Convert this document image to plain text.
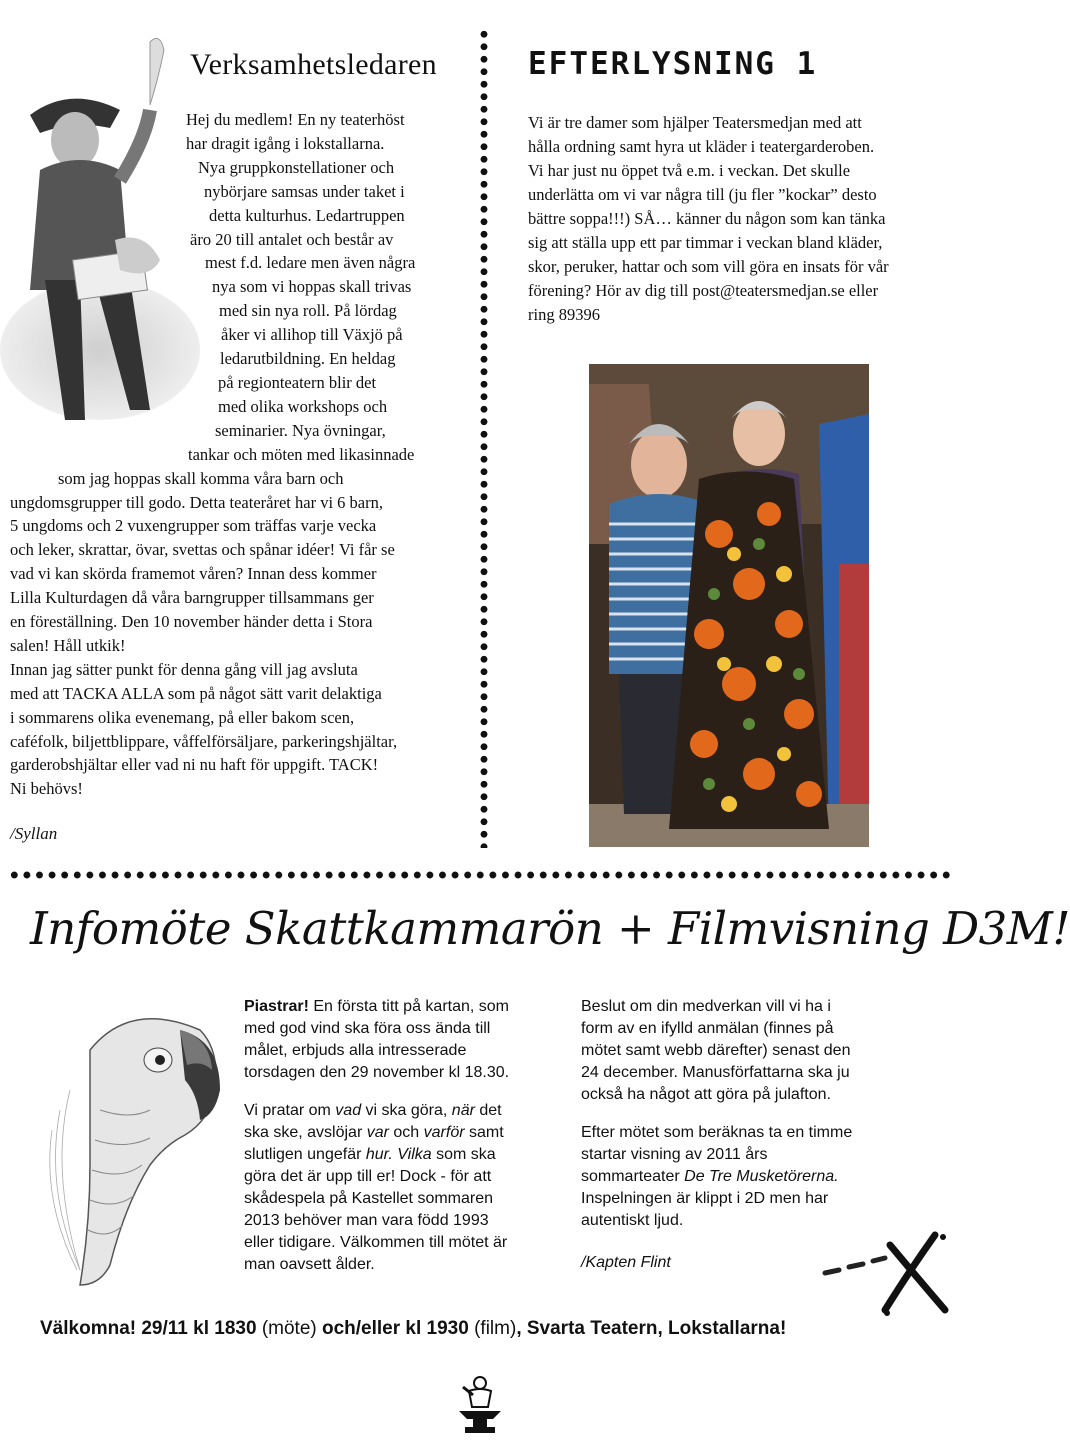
Verksamhetsledaren
Hej du medlem! En ny teaterhöst
har dragit igång i lokstallarna.
Nya gruppkonstellationer och
nybörjare samsas under taket i
detta kulturhus. Ledartruppen
äro 20 till antalet och består av
mest f.d. ledare men även några
nya som vi hoppas skall trivas
med sin nya roll. På lördag
åker vi allihop till Växjö på
ledarutbildning. En heldag
på regionteatern blir det
med olika workshops och
seminarier. Nya övningar,
tankar och möten med likasinnade
som jag hoppas skall komma våra barn och
ungdomsgrupper till godo. Detta teateråret har vi 6 barn,
5 ungdoms och 2 vuxengrupper som träffas varje vecka
och leker, skrattar, övar, svettas och spånar idéer! Vi får se
vad vi kan skörda framemot våren? Innan dess kommer
Lilla Kulturdagen då våra barngrupper tillsammans ger
en föreställning. Den 10 november händer detta i Stora
salen! Håll utkik!
Innan jag sätter punkt för denna gång vill jag avsluta
med att TACKA ALLA som på något sätt varit delaktiga
i sommarens olika evenemang, på eller bakom scen,
caféfolk, biljettblippare, våffelförsäljare, parkeringshjältar,
garderobshjältar eller vad ni nu haft för uppgift. TACK!
Ni behövs!
/Syllan
EFTERLYSNING 1
Vi är tre damer som hjälper Teatersmedjan med att
hålla ordning samt hyra ut kläder i teatergarderoben.
Vi har just nu öppet två e.m. i veckan. Det skulle
underlätta om vi var några till (ju fler ”kockar” desto
bättre soppa!!!) SÅ… känner du någon som kan tänka
sig att ställa upp ett par timmar i veckan bland kläder,
skor, peruker, hattar och som vill göra en insats för vår
förening? Hör av dig till post@teatersmedjan.se eller
ring 89396
Infomöte Skattkammarön + Filmvisning D3M!
Piastrar! En första titt på kartan, som
med god vind ska föra oss ända till
målet, erbjuds alla intresserade
torsdagen den 29 november kl 18.30.
Vi pratar om vad vi ska göra, när det
ska ske, avslöjar var och varför samt
slutligen ungefär hur. Vilka som ska
göra det är upp till er! Dock - för att
skådespela på Kastellet sommaren
2013 behöver man vara född 1993
eller tidigare. Välkommen till mötet är
man oavsett ålder.
Beslut om din medverkan vill vi ha i
form av en ifylld anmälan (finnes på
mötet samt webb därefter) senast den
24 december. Manusförfattarna ska ju
också ha något att göra på julafton.
Efter mötet som beräknas ta en timme
startar visning av 2011 års
sommarteater De Tre Musketörerna.
Inspelningen är klippt i 2D men har
autentiskt ljud.
/Kapten Flint
Välkomna! 29/11 kl 1830 (möte) och/eller kl 1930 (film), Svarta Teatern, Lokstallarna!
